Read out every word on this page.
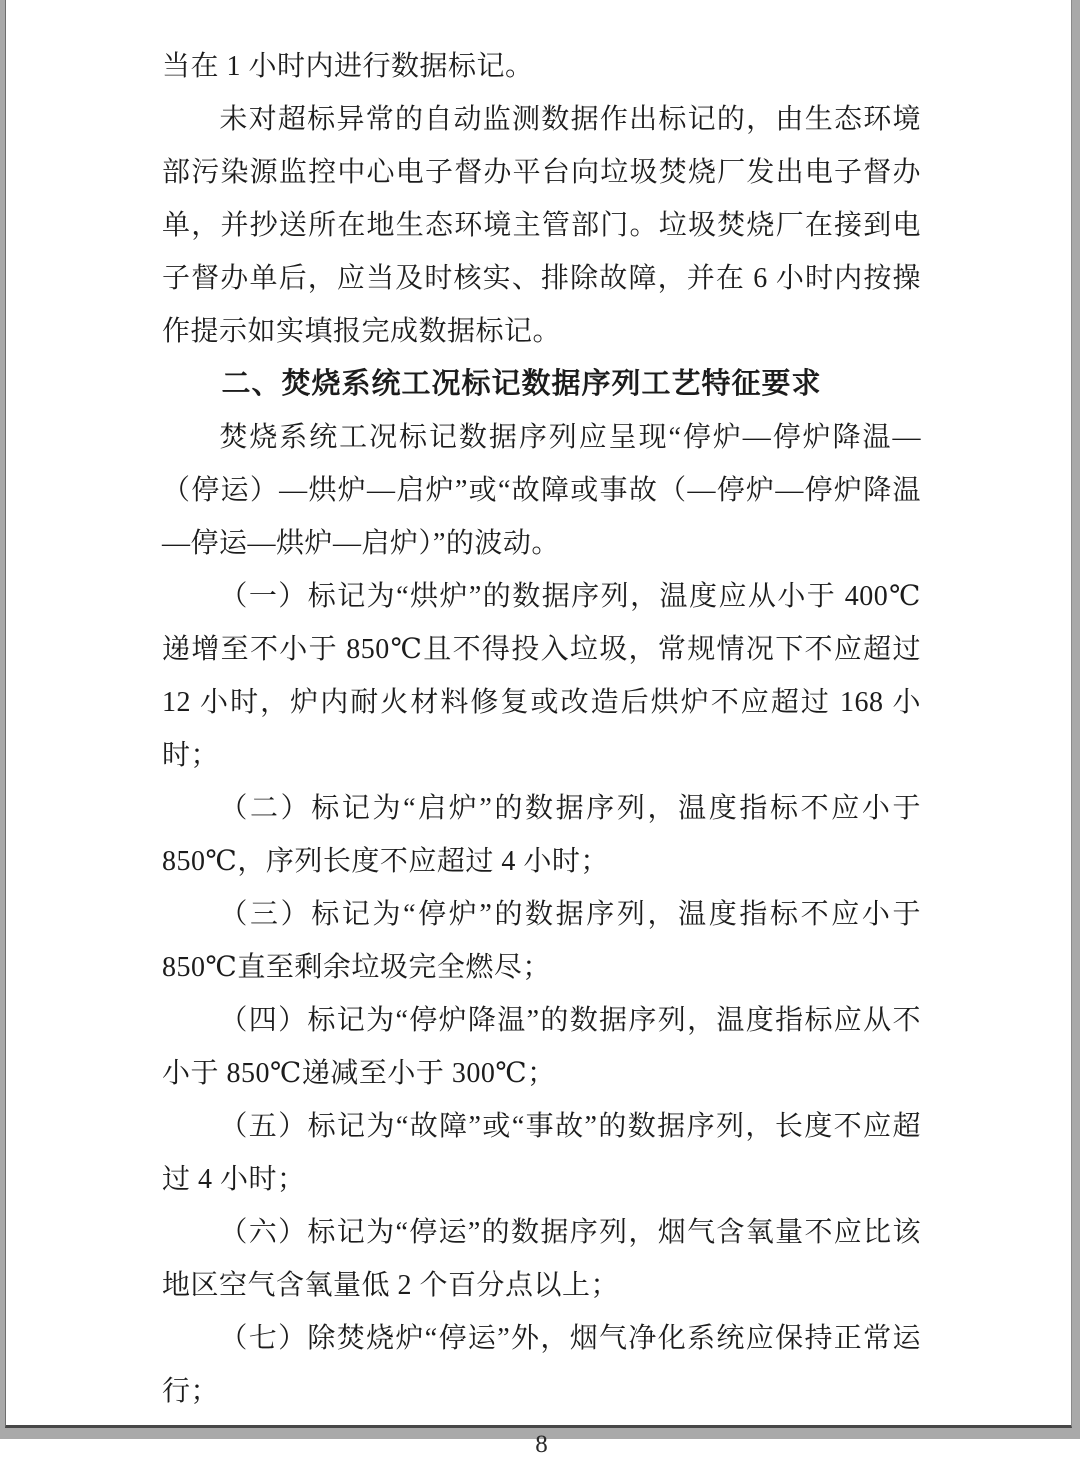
当在 1 小时内进行数据标记。

未对超标异常的自动监测数据作出标记的，由生态环境部污染源监控中心电子督办平台向垃圾焚烧厂发出电子督办单，并抄送所在地生态环境主管部门。垃圾焚烧厂在接到电子督办单后，应当及时核实、排除故障，并在 6 小时内按操作提示如实填报完成数据标记。

二、焚烧系统工况标记数据序列工艺特征要求

焚烧系统工况标记数据序列应呈现“停炉—停炉降温—（停运）—烘炉—启炉”或“故障或事故（—停炉—停炉降温—停运—烘炉—启炉）”的波动。

（一）标记为“烘炉”的数据序列，温度应从小于 400℃递增至不小于 850℃且不得投入垃圾，常规情况下不应超过 12 小时，炉内耐火材料修复或改造后烘炉不应超过 168 小时；

（二）标记为“启炉”的数据序列，温度指标不应小于 850℃，序列长度不应超过 4 小时；

（三）标记为“停炉”的数据序列，温度指标不应小于 850℃直至剩余垃圾完全燃尽；

（四）标记为“停炉降温”的数据序列，温度指标应从不小于 850℃递减至小于 300℃；

（五）标记为“故障”或“事故”的数据序列，长度不应超过 4 小时；

（六）标记为“停运”的数据序列，烟气含氧量不应比该地区空气含氧量低 2 个百分点以上；

（七）除焚烧炉“停运”外，烟气净化系统应保持正常运行；

8
